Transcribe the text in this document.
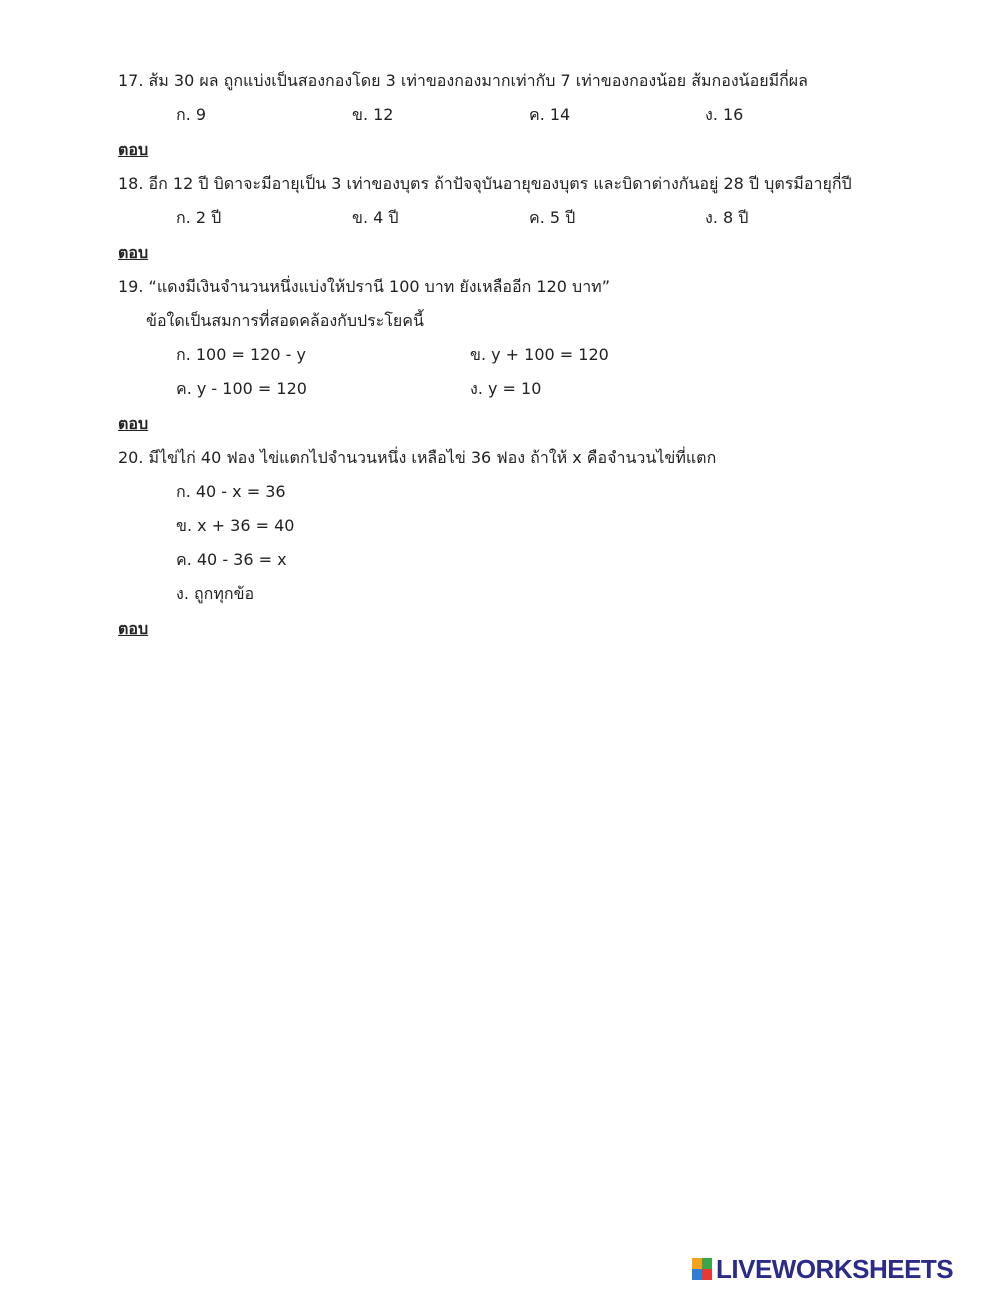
17. ส้ม 30 ผล ถูกแบ่งเป็นสองกองโดย 3 เท่าของกองมากเท่ากับ 7 เท่าของกองน้อย ส้มกองน้อยมีกี่ผล
ก. 9	ข. 12	ค. 14	ง. 16
ตอบ
18. อีก 12 ปี บิดาจะมีอายุเป็น 3 เท่าของบุตร ถ้าปัจจุบันอายุของบุตร และบิดาต่างกันอยู่ 28 ปี บุตรมีอายุกี่ปี
ก. 2 ปี	ข. 4 ปี	ค. 5 ปี	ง. 8 ปี
ตอบ
19. “แดงมีเงินจำนวนหนึ่งแบ่งให้ปรานี 100 บาท ยังเหลืออีก 120 บาท”
ข้อใดเป็นสมการที่สอดคล้องกับประโยคนี้
ก. 100 = 120 - y	ข. y + 100 = 120
ค. y - 100 = 120	ง. y = 10
ตอบ
20. มีไข่ไก่ 40 ฟอง ไข่แตกไปจำนวนหนึ่ง เหลือไข่ 36 ฟอง ถ้าให้ x คือจำนวนไข่ที่แตก
ก. 40 - x = 36
ข. x + 36 = 40
ค. 40 - 36 = x
ง. ถูกทุกข้อ
ตอบ
LIVEWORKSHEETS
